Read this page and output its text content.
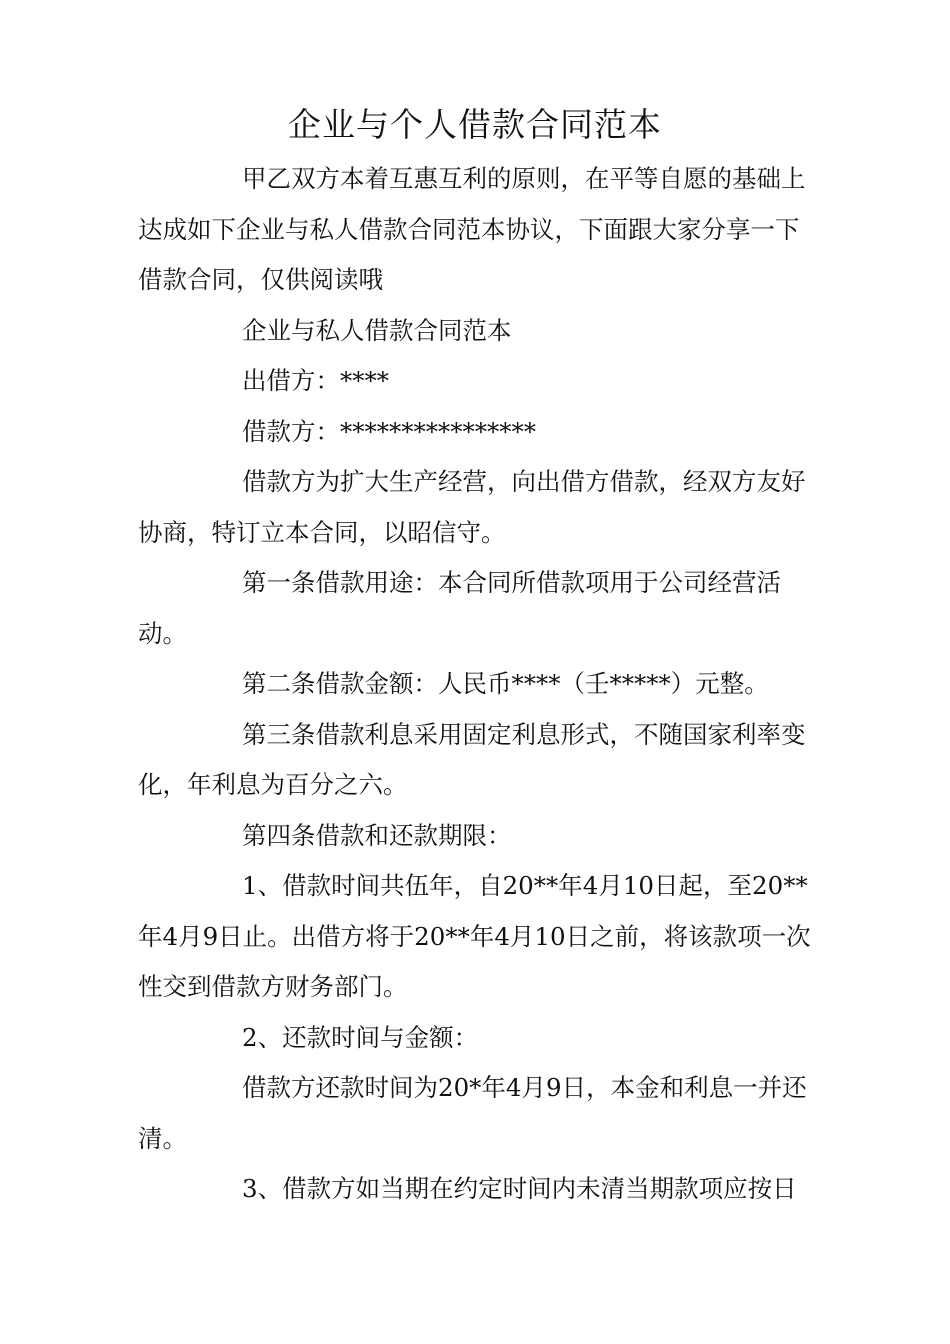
企业与个人借款合同范本

甲乙双方本着互惠互利的原则，在平等自愿的基础上达成如下企业与私人借款合同范本协议，下面跟大家分享一下借款合同，仅供阅读哦

企业与私人借款合同范本

出借方：****

借款方：****************

借款方为扩大生产经营，向出借方借款，经双方友好协商，特订立本合同，以昭信守。

第一条借款用途：本合同所借款项用于公司经营活动。

第二条借款金额：人民币****（壬*****）元整。

第三条借款利息采用固定利息形式，不随国家利率变化，年利息为百分之六。

第四条借款和还款期限：

1、借款时间共伍年，自20**年4月10日起，至20**年4月9日止。出借方将于20**年4月10日之前，将该款项一次性交到借款方财务部门。

2、还款时间与金额：

借款方还款时间为20*年4月9日，本金和利息一并还清。

3、借款方如当期在约定时间内未清当期款项应按日
